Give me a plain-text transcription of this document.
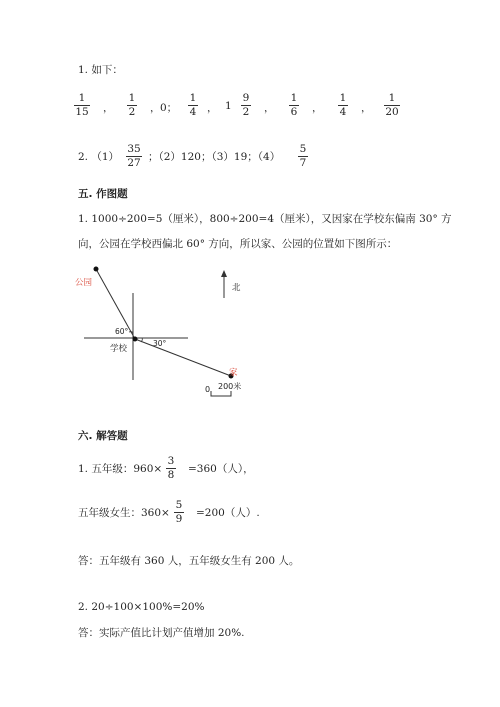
1. 如下：
$\frac{1}{15}$ ， $\frac{1}{2}$ ， 0； $\frac{1}{4}$ ， $1 \frac{9}{2}$ ， $\frac{1}{6}$ ， $\frac{1}{4}$ ， $\frac{1}{20}$
2. $(1) \frac{35}{27}$ ；（2）120；（3）19；$(4) \frac{5}{7}$
五. 作图题
1. 1000÷200=5（厘米），800÷200=4（厘米），又因家在学校东偏南 30° 方
向，公园在学校西偏北 60° 方向，所以家、公园的位置如下图所示：
公园
学校
家
北
60°
30°
0 200米
六. 解答题
1. 五年级：$960\times \frac{3}{8} =360$（人），
五年级女生：$360\times \frac{5}{9} =200$（人）.
答：五年级有 360 人，五年级女生有 200 人。
2. 20÷100×100%=20%
答：实际产值比计划产值增加 20%.
